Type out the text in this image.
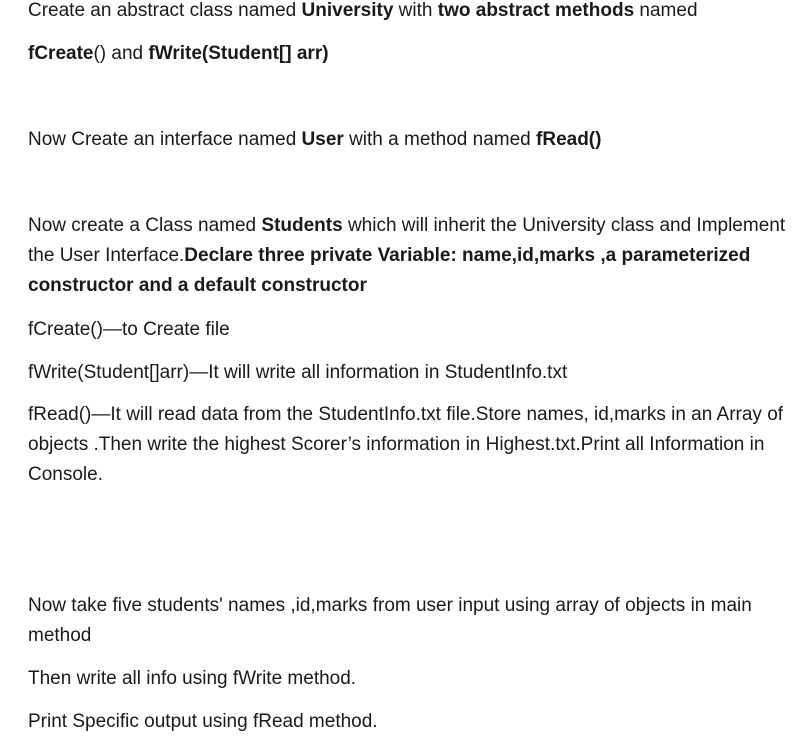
Create an abstract class named University with two abstract methods named
fCreate() and fWrite(Student[] arr)
Now Create an interface named User with a method named fRead()
Now create a Class named Students which will inherit the University class and Implement the User Interface.Declare three private Variable: name,id,marks ,a parameterized constructor and a default constructor
fCreate()—to Create file
fWrite(Student[]arr)—It will write all information in StudentInfo.txt
fRead()—It will read data from the StudentInfo.txt file.Store names, id,marks in an Array of objects .Then write the highest Scorer’s information in Highest.txt.Print all Information in Console.
Now take five students' names ,id,marks from user input using array of objects in main method
Then write all info using fWrite method.
Print Specific output using fRead method.
